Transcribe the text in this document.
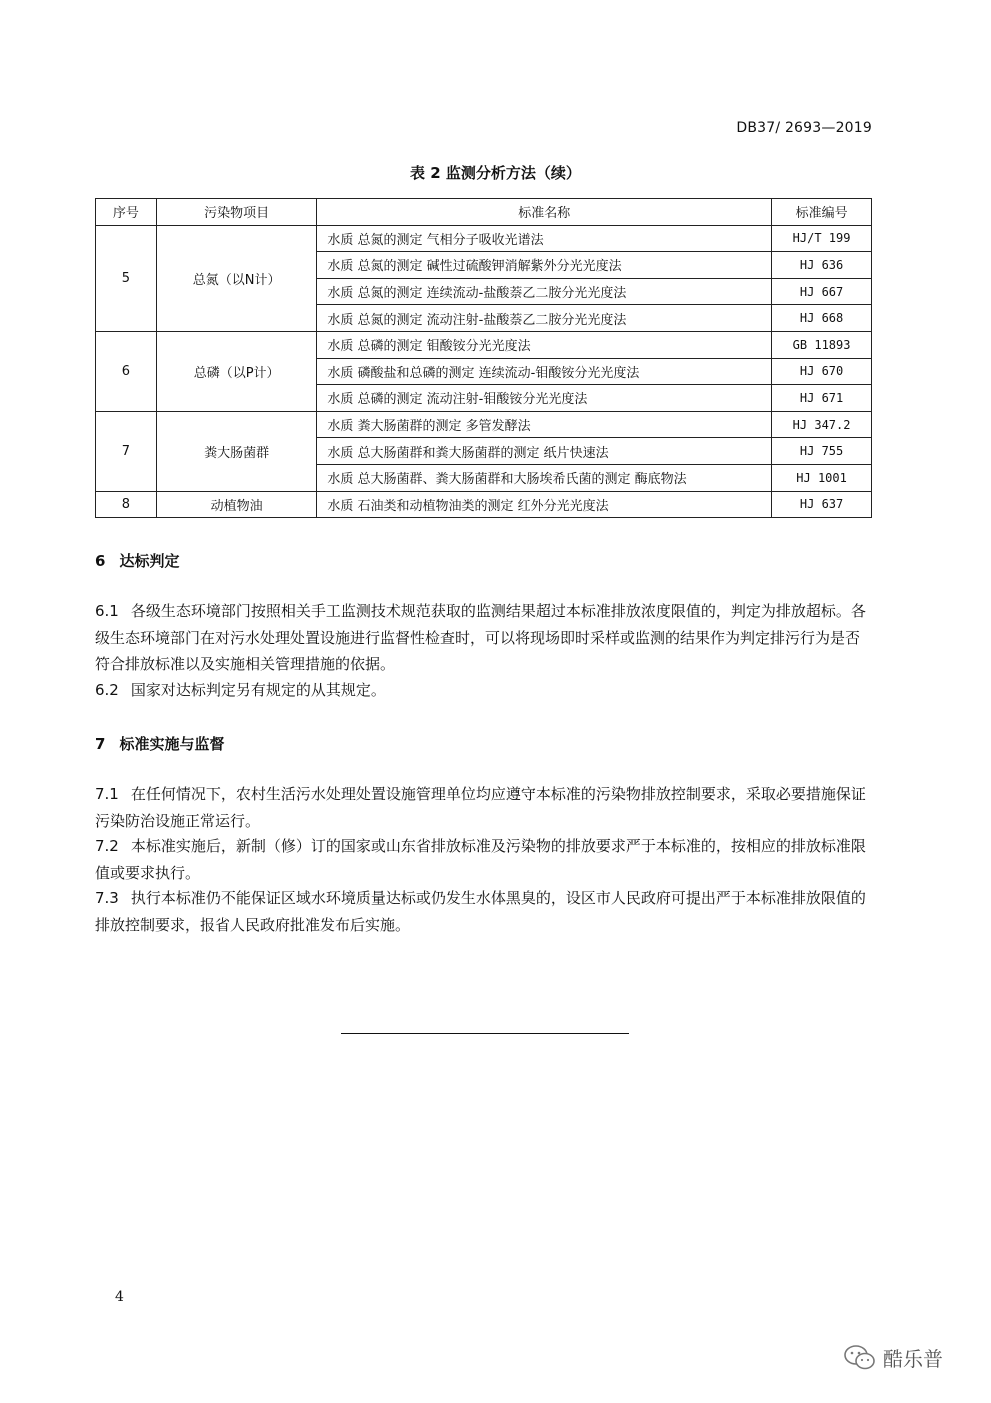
DB37/ 2693—2019
表 2 监测分析方法（续）
序号	污染物项目	标准名称	标准编号
5	总氮（以N计）	水质 总氮的测定 气相分子吸收光谱法	HJ/T 199
		水质 总氮的测定 碱性过硫酸钾消解紫外分光光度法	HJ 636
		水质 总氮的测定 连续流动-盐酸萘乙二胺分光光度法	HJ 667
		水质 总氮的测定 流动注射-盐酸萘乙二胺分光光度法	HJ 668
6	总磷（以P计）	水质 总磷的测定 钼酸铵分光光度法	GB 11893
		水质 磷酸盐和总磷的测定 连续流动-钼酸铵分光光度法	HJ 670
		水质 总磷的测定 流动注射-钼酸铵分光光度法	HJ 671
7	粪大肠菌群	水质 粪大肠菌群的测定 多管发酵法	HJ 347.2
		水质 总大肠菌群和粪大肠菌群的测定 纸片快速法	HJ 755
		水质 总大肠菌群、粪大肠菌群和大肠埃希氏菌的测定 酶底物法	HJ 1001
8	动植物油	水质 石油类和动植物油类的测定 红外分光光度法	HJ 637
6 达标判定
6.1 各级生态环境部门按照相关手工监测技术规范获取的监测结果超过本标准排放浓度限值的，判定为排放超标。各级生态环境部门在对污水处理处置设施进行监督性检查时，可以将现场即时采样或监测的结果作为判定排污行为是否符合排放标准以及实施相关管理措施的依据。
6.2 国家对达标判定另有规定的从其规定。
7 标准实施与监督
7.1 在任何情况下，农村生活污水处理处置设施管理单位均应遵守本标准的污染物排放控制要求，采取必要措施保证污染防治设施正常运行。
7.2 本标准实施后，新制（修）订的国家或山东省排放标准及污染物的排放要求严于本标准的，按相应的排放标准限值或要求执行。
7.3 执行本标准仍不能保证区域水环境质量达标或仍发生水体黑臭的，设区市人民政府可提出严于本标准排放限值的排放控制要求，报省人民政府批准发布后实施。
4
酷乐普
